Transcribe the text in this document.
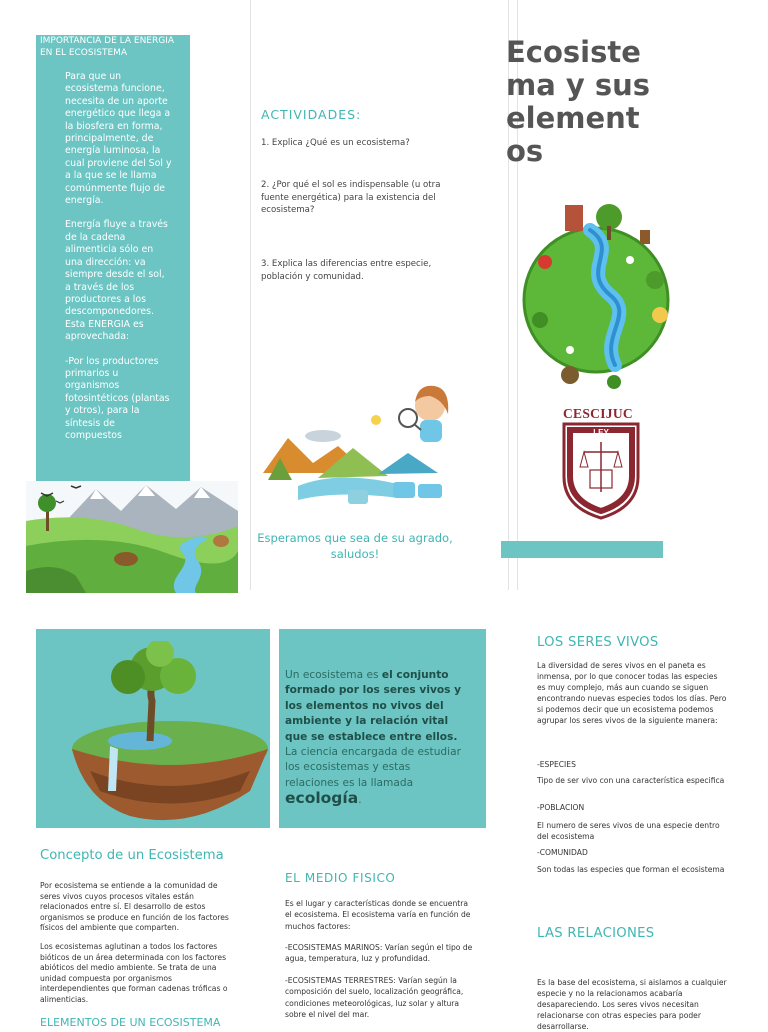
IMPORTANCIA DE LA ENERGIA EN EL ECOSISTEMA

Para que un ecosistema funcione, necesita de un aporte energético que llega a la biosfera en forma, principalmente, de energía luminosa, la cual proviene del Sol y a la que se le llama comúnmente flujo de energía.

Energía fluye a través de la cadena alimenticia sólo en una dirección: va siempre desde el sol, a través de los productores a los descomponedores. Esta ENERGIA es aprovechada:

-Por los productores primarios u organismos fotosintéticos (plantas y otros), para la síntesis de compuestos

ACTIVIDADES:
1. Explica ¿Qué es un ecosistema?
2. ¿Por qué el sol es indispensable (u otra fuente energética) para la existencia del ecosistema?
3. Explica las diferencias entre especie, población y comunidad.
Esperamos que sea de su agrado, saludos!
Ecosistema y sus elementos
CESCIJUC
LEY
Concepto de un Ecosistema
Por ecosistema se entiende a la comunidad de seres vivos cuyos procesos vitales están relacionados entre sí. El desarrollo de estos organismos se produce en función de los factores físicos del ambiente que comparten.
Los ecosistemas aglutinan a todos los factores bióticos de un área determinada con los factores abióticos del medio ambiente. Se trata de una unidad compuesta por organismos interdependientes que forman cadenas tróficas o alimenticias.
ELEMENTOS DE UN ECOSISTEMA
Un ecosistema es el conjunto formado por los seres vivos y los elementos no vivos del ambiente y la relación vital que se establece entre ellos. La ciencia encargada de estudiar los ecosistemas y estas relaciones es la llamada ecología.
EL MEDIO FISICO
Es el lugar y características donde se encuentra el ecosistema. El ecosistema varía en función de muchos factores:
-ECOSISTEMAS MARINOS: Varían según el tipo de agua, temperatura, luz y profundidad.
-ECOSISTEMAS TERRESTRES: Varían según la composición del suelo, localización geográfica, condiciones meteorológicas, luz solar y altura sobre el nivel del mar.
LOS SERES VIVOS
La diversidad de seres vivos en el paneta es inmensa, por lo que conocer todas las especies es muy complejo, más aun cuando se siguen encontrando nuevas especies todos los días. Pero si podemos decir que un ecosistema podemos agrupar los seres vivos de la siguiente manera:
-ESPECIES
Tipo de ser vivo con una característica especifica
-POBLACION
El numero de seres vivos de una especie dentro del ecosistema
-COMUNIDAD
Son todas las especies que forman el ecosistema
LAS RELACIONES
Es la base del ecosistema, si aislamos a cualquier especie y no la relacionamos acabaría desapareciendo. Los seres vivos necesitan relacionarse con otras especies para poder desarrollarse.
